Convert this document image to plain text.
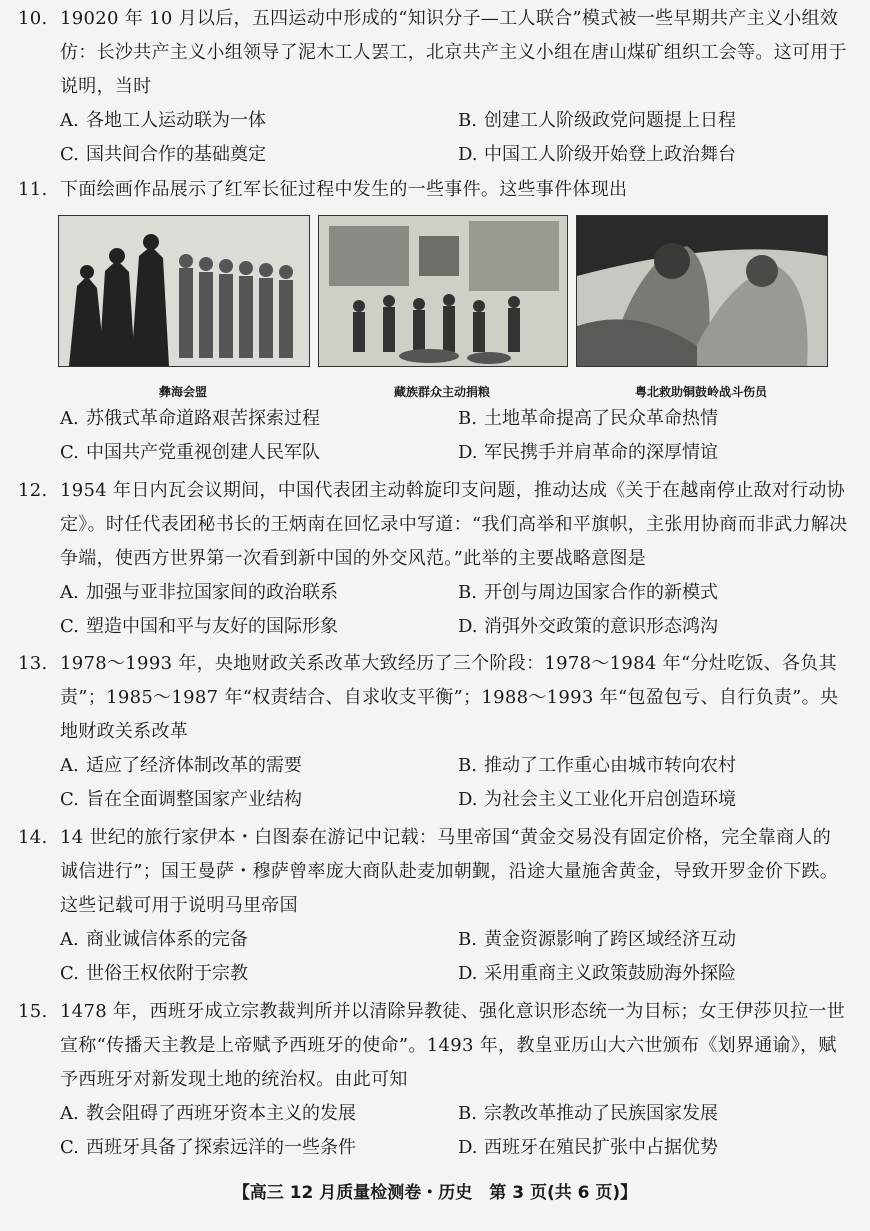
10. 19020 年 10 月以后，五四运动中形成的“知识分子—工人联合”模式被一些早期共产主义小组效仿：长沙共产主义小组领导了泥木工人罢工，北京共产主义小组在唐山煤矿组织工会等。这可用于说明，当时

A. 各地工人运动联为一体	B. 创建工人阶级政党问题提上日程
C. 国共间合作的基础奠定	D. 中国工人阶级开始登上政治舞台

11. 下面绘画作品展示了红军长征过程中发生的一些事件。这些事件体现出

彝海会盟	藏族群众主动捐粮	粤北救助铜鼓岭战斗伤员
A. 苏俄式革命道路艰苦探索过程	B. 土地革命提高了民众革命热情
C. 中国共产党重视创建人民军队	D. 军民携手并肩革命的深厚情谊

12. 1954 年日内瓦会议期间，中国代表团主动斡旋印支问题，推动达成《关于在越南停止敌对行动协定》。时任代表团秘书长的王炳南在回忆录中写道：“我们高举和平旗帜，主张用协商而非武力解决争端，使西方世界第一次看到新中国的外交风范。”此举的主要战略意图是

A. 加强与亚非拉国家间的政治联系	B. 开创与周边国家合作的新模式
C. 塑造中国和平与友好的国际形象	D. 消弭外交政策的意识形态鸿沟

13. 1978～1993 年，央地财政关系改革大致经历了三个阶段：1978～1984 年“分灶吃饭、各负其责”；1985～1987 年“权责结合、自求收支平衡”；1988～1993 年“包盈包亏、自行负责”。央地财政关系改革

A. 适应了经济体制改革的需要	B. 推动了工作重心由城市转向农村
C. 旨在全面调整国家产业结构	D. 为社会主义工业化开启创造环境

14. 14 世纪的旅行家伊本・白图泰在游记中记载：马里帝国“黄金交易没有固定价格，完全靠商人的诚信进行”；国王曼萨・穆萨曾率庞大商队赴麦加朝觐，沿途大量施舍黄金，导致开罗金价下跌。这些记载可用于说明马里帝国

A. 商业诚信体系的完备	B. 黄金资源影响了跨区域经济互动
C. 世俗王权依附于宗教	D. 采用重商主义政策鼓励海外探险

15. 1478 年，西班牙成立宗教裁判所并以清除异教徒、强化意识形态统一为目标；女王伊莎贝拉一世宣称“传播天主教是上帝赋予西班牙的使命”。1493 年，教皇亚历山大六世颁布《划界通谕》，赋予西班牙对新发现土地的统治权。由此可知

A. 教会阻碍了西班牙资本主义的发展	B. 宗教改革推动了民族国家发展
C. 西班牙具备了探索远洋的一些条件	D. 西班牙在殖民扩张中占据优势
【高三 12 月质量检测卷・历史　第 3 页(共 6 页)】
